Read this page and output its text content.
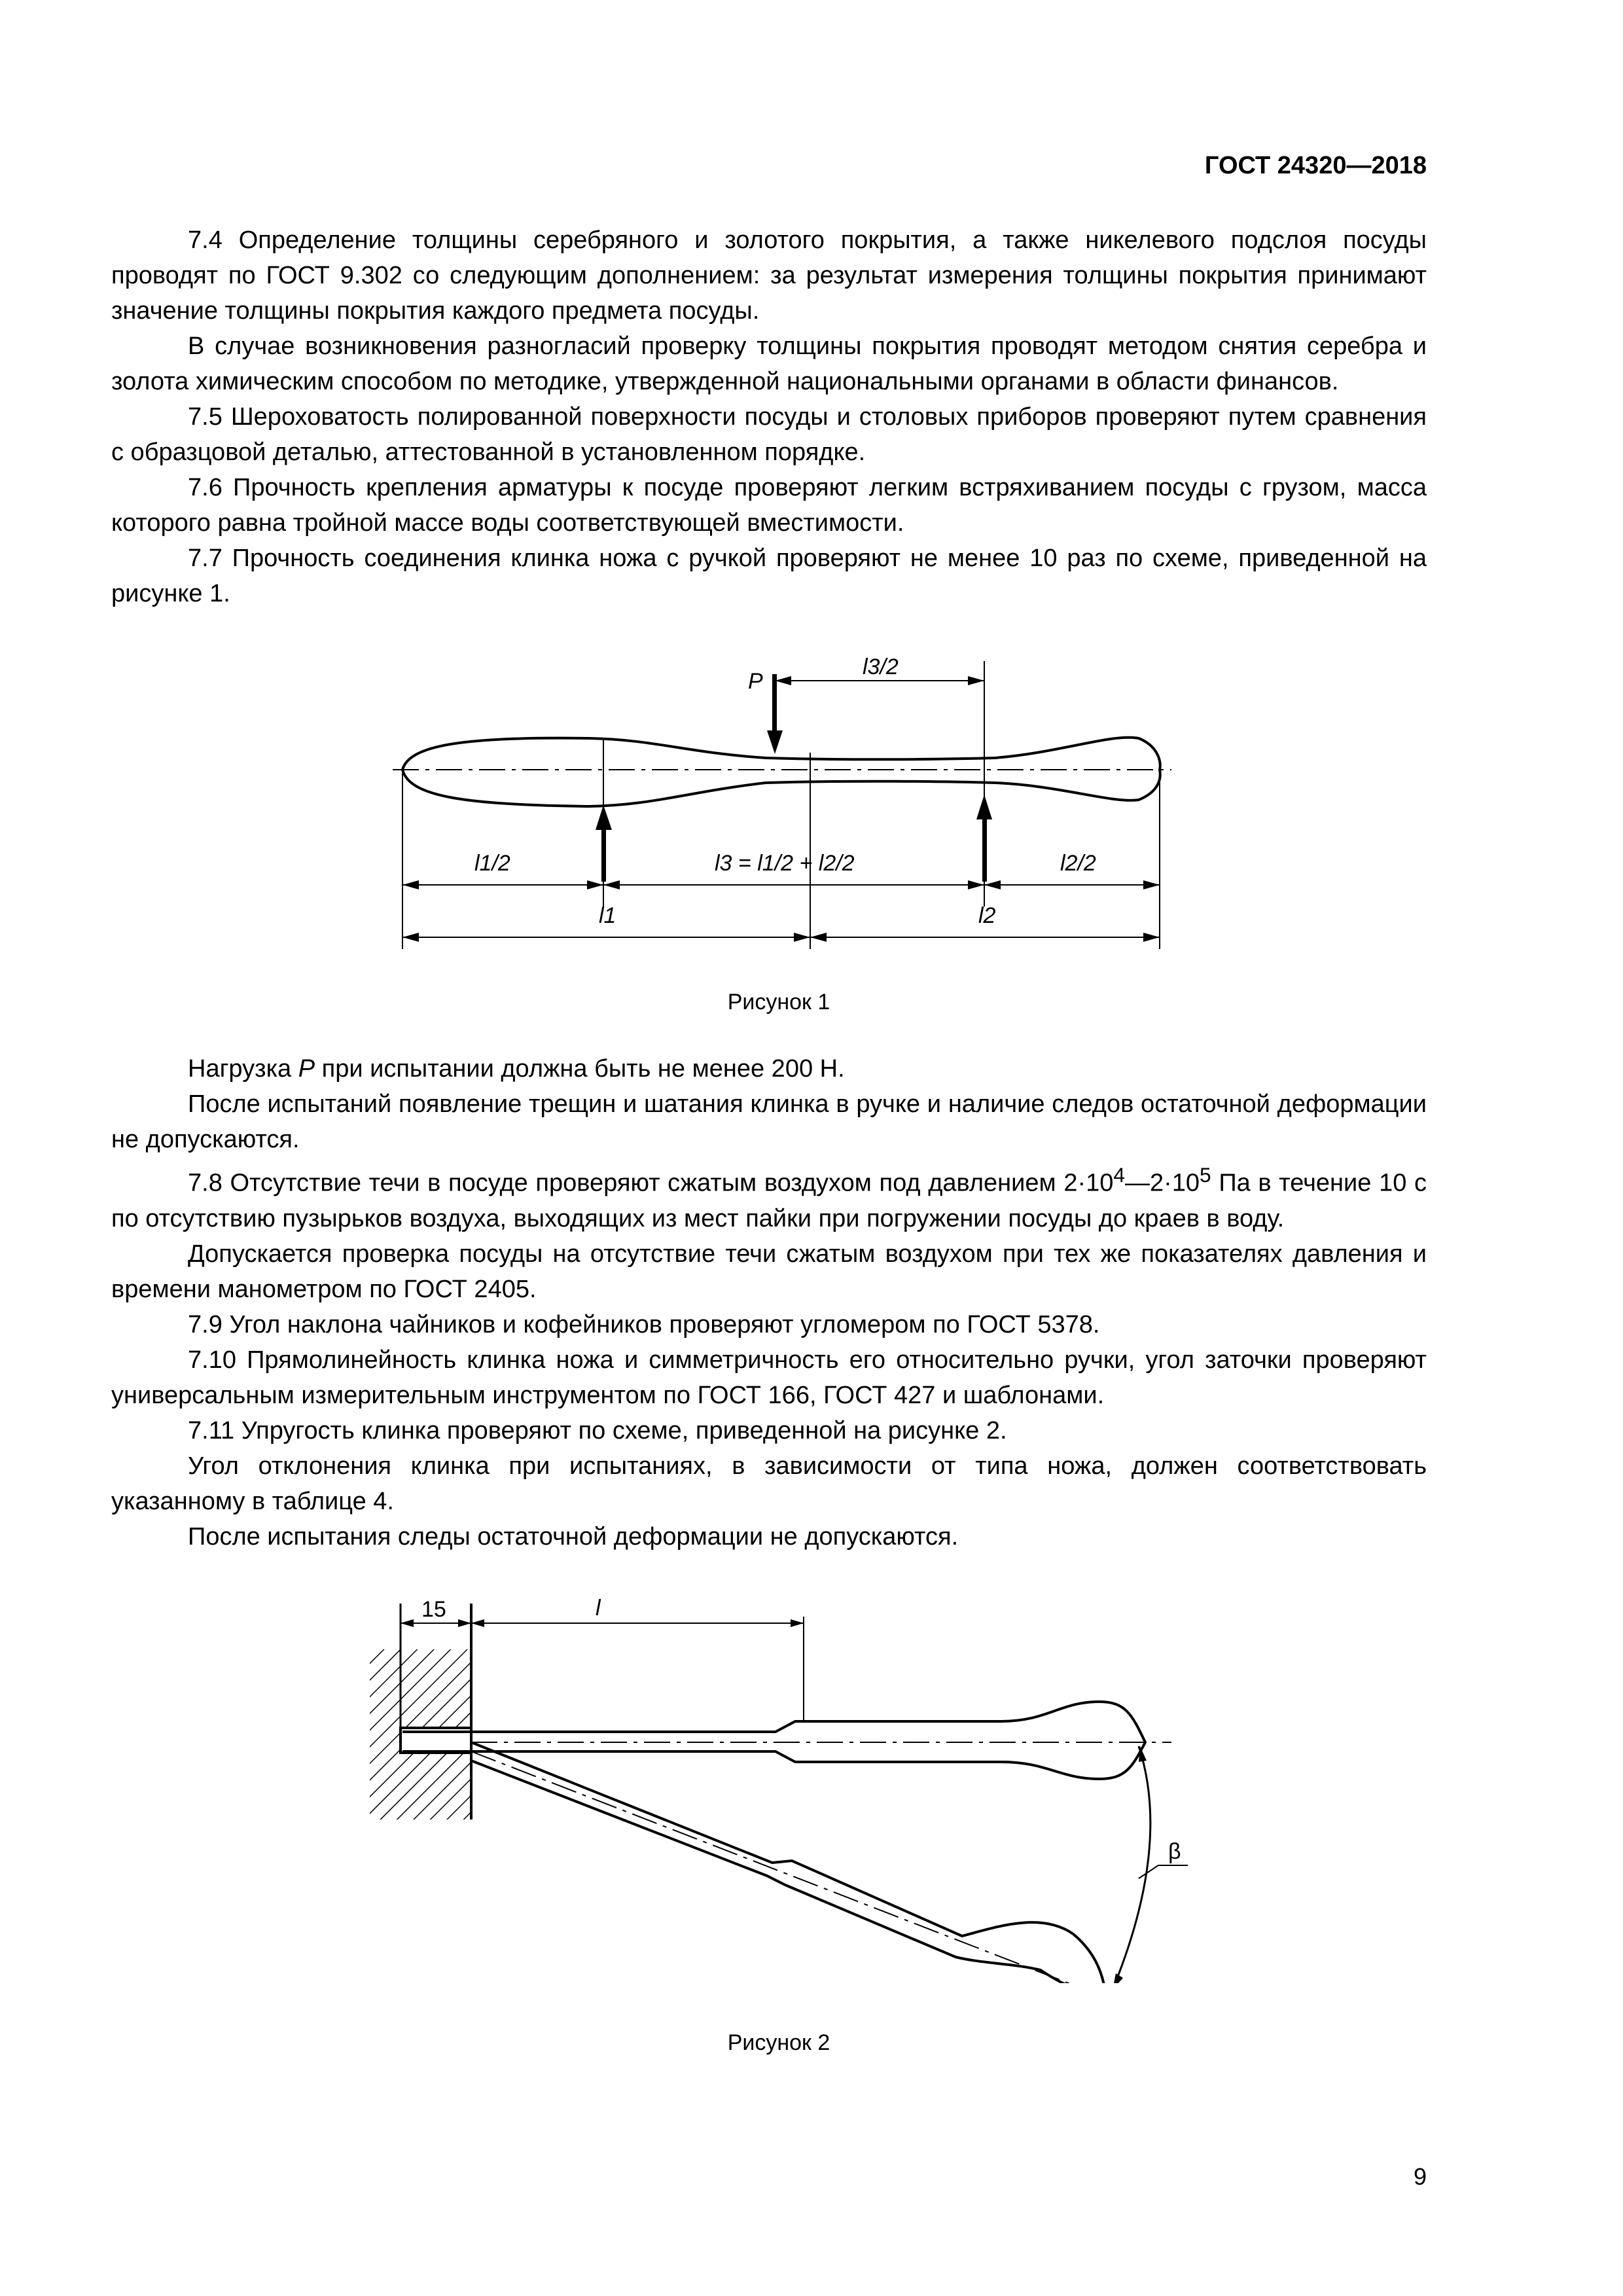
ГОСТ 24320—2018

7.4 Определение толщины серебряного и золотого покрытия, а также никелевого подслоя посуды проводят по ГОСТ 9.302 со следующим дополнением: за результат измерения толщины покрытия принимают значение толщины покрытия каждого предмета посуды.

В случае возникновения разногласий проверку толщины покрытия проводят методом снятия серебра и золота химическим способом по методике, утвержденной национальными органами в области финансов.

7.5 Шероховатость полированной поверхности посуды и столовых приборов проверяют путем сравнения с образцовой деталью, аттестованной в установленном порядке.

7.6 Прочность крепления арматуры к посуде проверяют легким встряхиванием посуды с грузом, масса которого равна тройной массе воды соответствующей вместимости.

7.7 Прочность соединения клинка ножа с ручкой проверяют не менее 10 раз по схеме, приведенной на рисунке 1.

P
l3/2
l1/2	l3 = l1/2 + l2/2	l2/2
l1	l2
Рисунок 1

Нагрузка P при испытании должна быть не менее 200 Н.

После испытаний появление трещин и шатания клинка в ручке и наличие следов остаточной деформации не допускаются.

7.8 Отсутствие течи в посуде проверяют сжатым воздухом под давлением $2\cdot 10^4—2\cdot 10^5$ Па в течение 10 с по отсутствию пузырьков воздуха, выходящих из мест пайки при погружении посуды до краев в воду.

Допускается проверка посуды на отсутствие течи сжатым воздухом при тех же показателях давления и времени манометром по ГОСТ 2405.

7.9 Угол наклона чайников и кофейников проверяют угломером по ГОСТ 5378.

7.10 Прямолинейность клинка ножа и симметричность его относительно ручки, угол заточки проверяют универсальным измерительным инструментом по ГОСТ 166, ГОСТ 427 и шаблонами.

7.11 Упругость клинка проверяют по схеме, приведенной на рисунке 2.

Угол отклонения клинка при испытаниях, в зависимости от типа ножа, должен соответствовать указанному в таблице 4.

После испытания следы остаточной деформации не допускаются.

15	l
β
Рисунок 2
9
